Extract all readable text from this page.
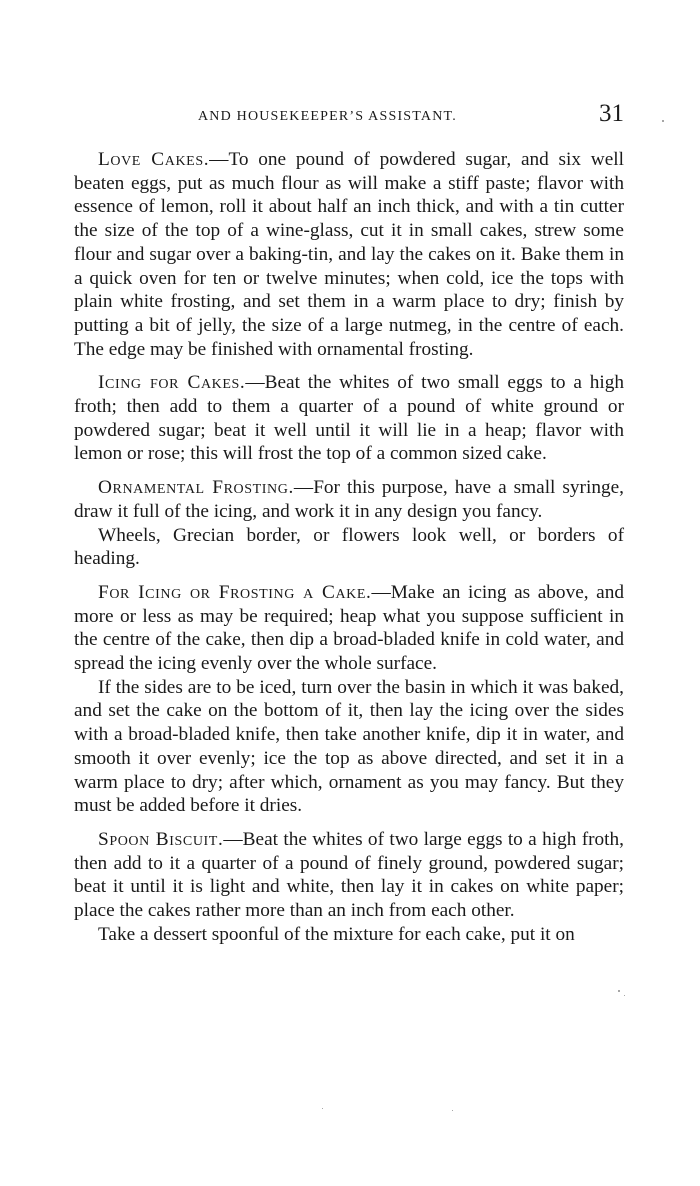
AND HOUSEKEEPER’S ASSISTANT.	31

Love Cakes.—To one pound of powdered sugar, and six well beaten eggs, put as much flour as will make a stiff paste; flavor with essence of lemon, roll it about half an inch thick, and with a tin cutter the size of the top of a wine-glass, cut it in small cakes, strew some flour and sugar over a baking-tin, and lay the cakes on it. Bake them in a quick oven for ten or twelve minutes; when cold, ice the tops with plain white frosting, and set them in a warm place to dry; finish by putting a bit of jelly, the size of a large nutmeg, in the centre of each. The edge may be finished with ornamental frosting.

Icing for Cakes.—Beat the whites of two small eggs to a high froth; then add to them a quarter of a pound of white ground or powdered sugar; beat it well until it will lie in a heap; flavor with lemon or rose; this will frost the top of a common sized cake.

Ornamental Frosting.—For this purpose, have a small syringe, draw it full of the icing, and work it in any design you fancy.

Wheels, Grecian border, or flowers look well, or borders of heading.

For Icing or Frosting a Cake.—Make an icing as above, and more or less as may be required; heap what you suppose sufficient in the centre of the cake, then dip a broad-bladed knife in cold water, and spread the icing evenly over the whole surface.

If the sides are to be iced, turn over the basin in which it was baked, and set the cake on the bottom of it, then lay the icing over the sides with a broad-bladed knife, then take another knife, dip it in water, and smooth it over evenly; ice the top as above directed, and set it in a warm place to dry; after which, ornament as you may fancy. But they must be added before it dries.

Spoon Biscuit.—Beat the whites of two large eggs to a high froth, then add to it a quarter of a pound of finely ground, powdered sugar; beat it until it is light and white, then lay it in cakes on white paper; place the cakes rather more than an inch from each other.

Take a dessert spoonful of the mixture for each cake, put it on
